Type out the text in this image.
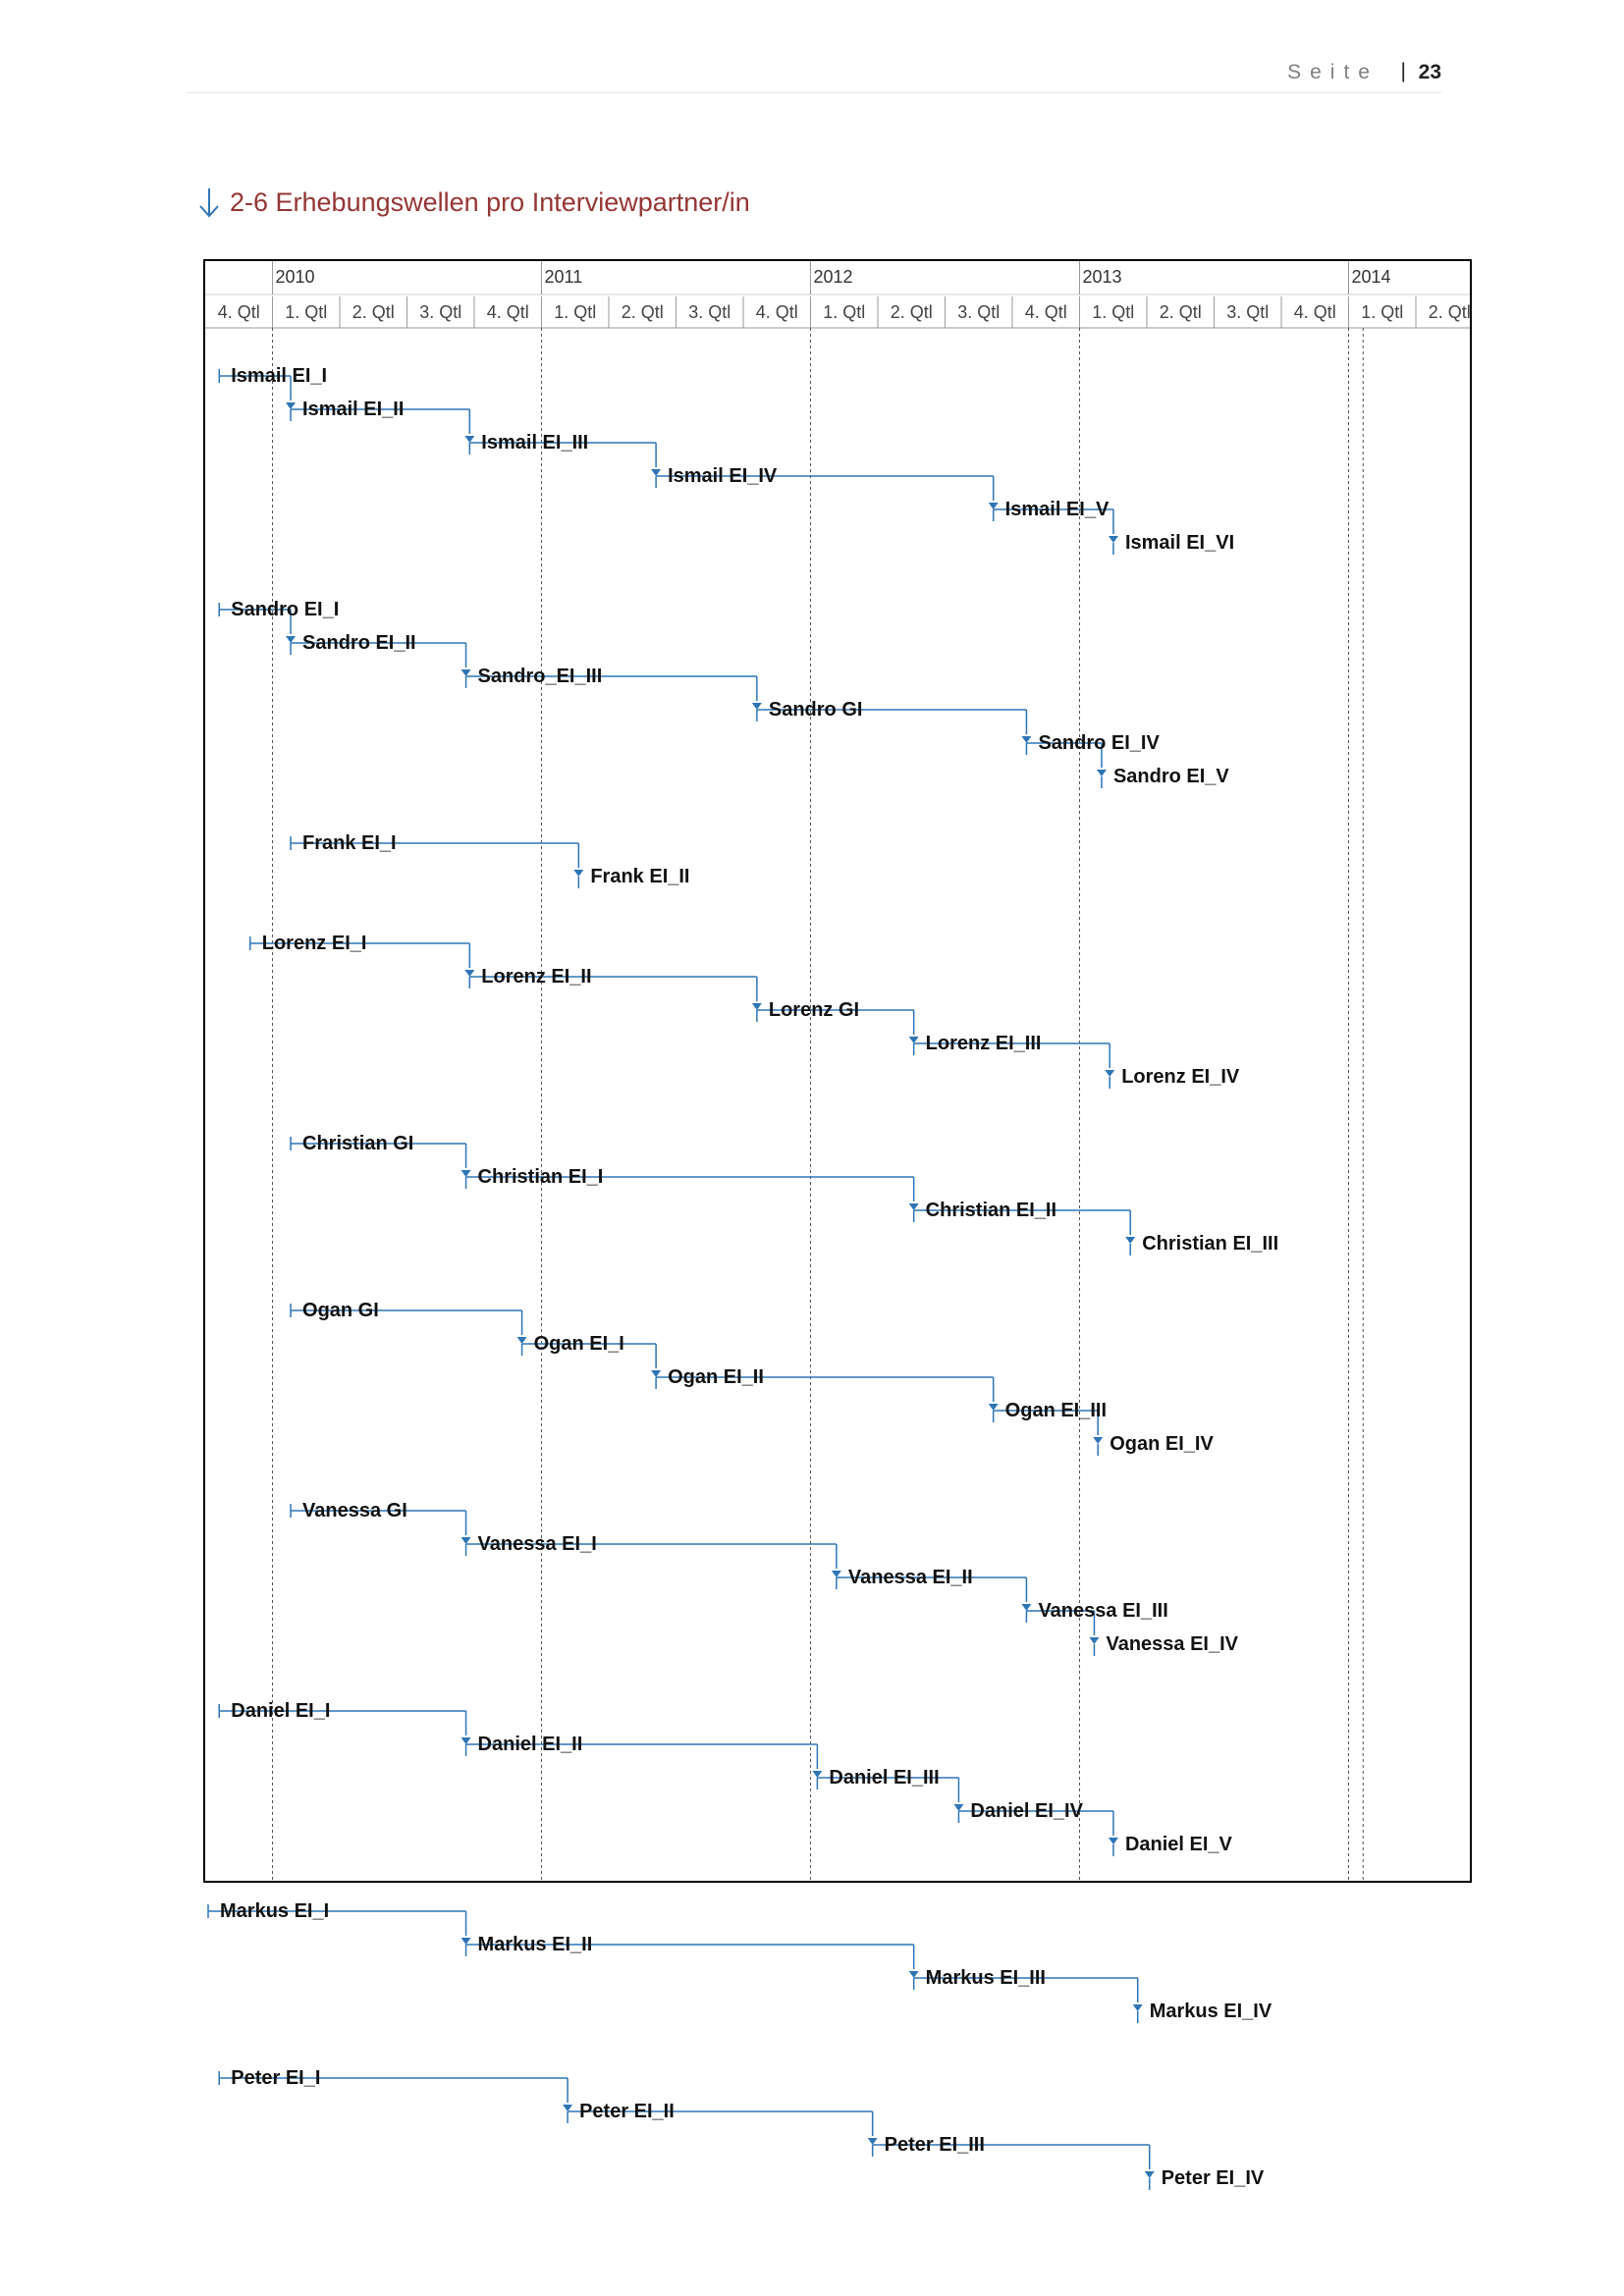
Seite | 23
2-6 Erhebungswellen pro Interviewpartner/in
2010	2011	2012	2013	2014
4. Qtl 1. Qtl 2. Qtl 3. Qtl 4. Qtl 1. Qtl 2. Qtl 3. Qtl 4. Qtl 1. Qtl 2. Qtl 3. Qtl 4. Qtl 1. Qtl 2. Qtl 3. Qtl 4. Qtl 1. Qtl 2. Qtl
Ismail EI_I
Ismail EI_II
Ismail EI_III
Ismail EI_IV
Ismail EI_V
Ismail EI_VI
Sandro EI_I
Sandro EI_II
Sandro_EI_III
Sandro GI
Sandro EI_IV
Sandro EI_V
Frank EI_I
Frank EI_II
Lorenz EI_I
Lorenz EI_II
Lorenz GI
Lorenz EI_III
Lorenz EI_IV
Christian GI
Christian EI_I
Christian EI_II
Christian EI_III
Ogan GI
Ogan EI_I
Ogan EI_II
Ogan EI_III
Ogan EI_IV
Vanessa GI
Vanessa EI_I
Vanessa EI_II
Vanessa EI_III
Vanessa EI_IV
Daniel EI_I
Daniel EI_II
Daniel EI_III
Daniel EI_IV
Daniel EI_V
Markus EI_I
Markus EI_II
Markus EI_III
Markus EI_IV
Peter EI_I
Peter EI_II
Peter EI_III
Peter EI_IV
